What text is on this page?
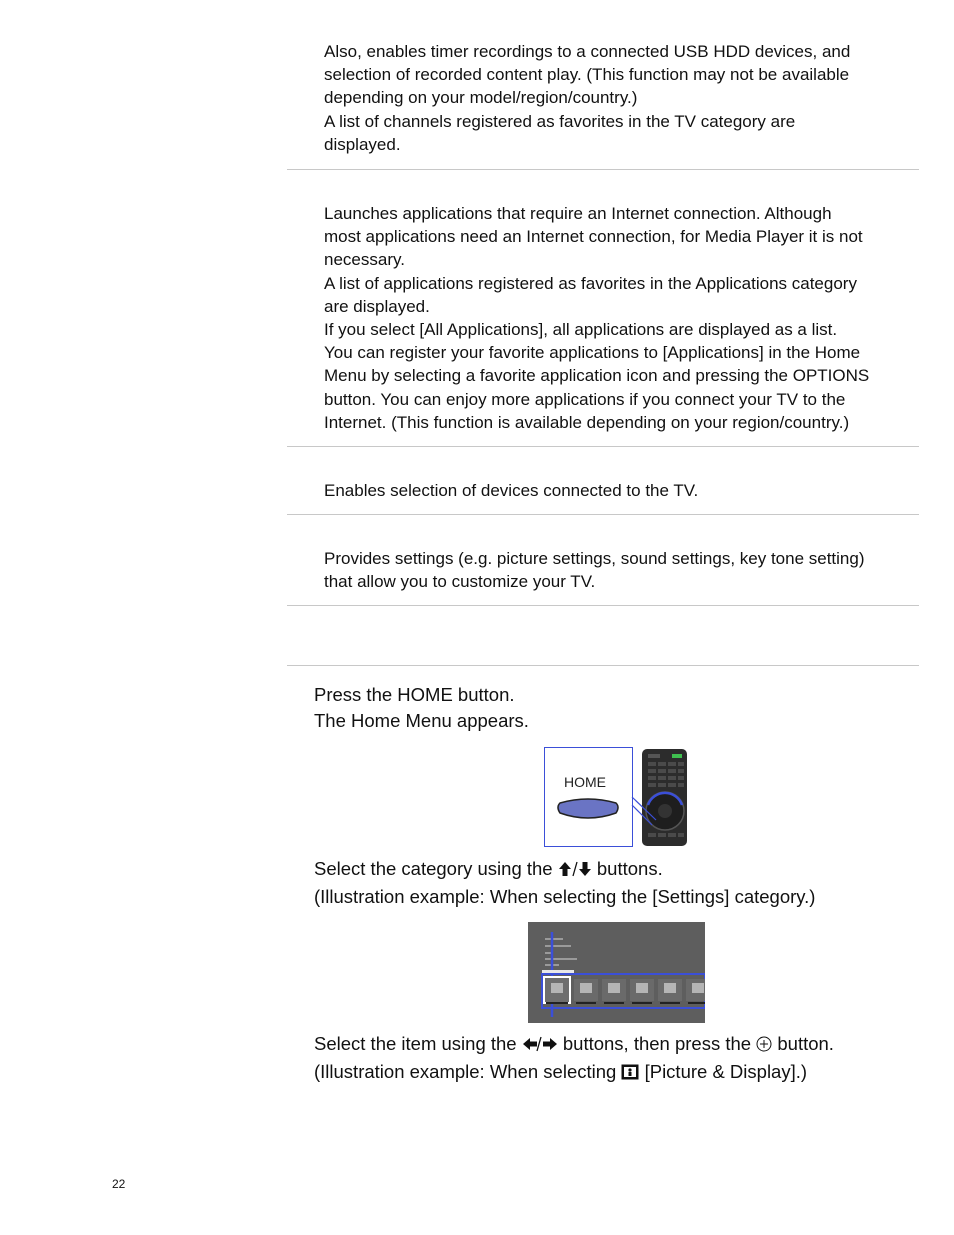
Also, enables timer recordings to a connected USB HDD devices, and

selection of recorded content play. (This function may not be available

depending on your model/region/country.)

A list of channels registered as favorites in the TV category are

displayed.

Launches applications that require an Internet connection. Although

most applications need an Internet connection, for Media Player it is not

necessary.

A list of applications registered as favorites in the Applications category

are displayed.

If you select [All Applications], all applications are displayed as a list.

You can register your favorite applications to [Applications] in the Home

Menu by selecting a favorite application icon and pressing the OPTIONS

button. You can enjoy more applications if you connect your TV to the

Internet. (This function is available depending on your region/country.)

Enables selection of devices connected to the TV.

Provides settings (e.g. picture settings, sound settings, key tone setting)

that allow you to customize your TV.

Press the HOME button.

The Home Menu appears.

HOME

Select the category using the buttons.

(Illustration example: When selecting the [Settings] category.)

Select the item using the	buttons, then press the button.

(Illustration example: When selecting [Picture & Display].)

22
